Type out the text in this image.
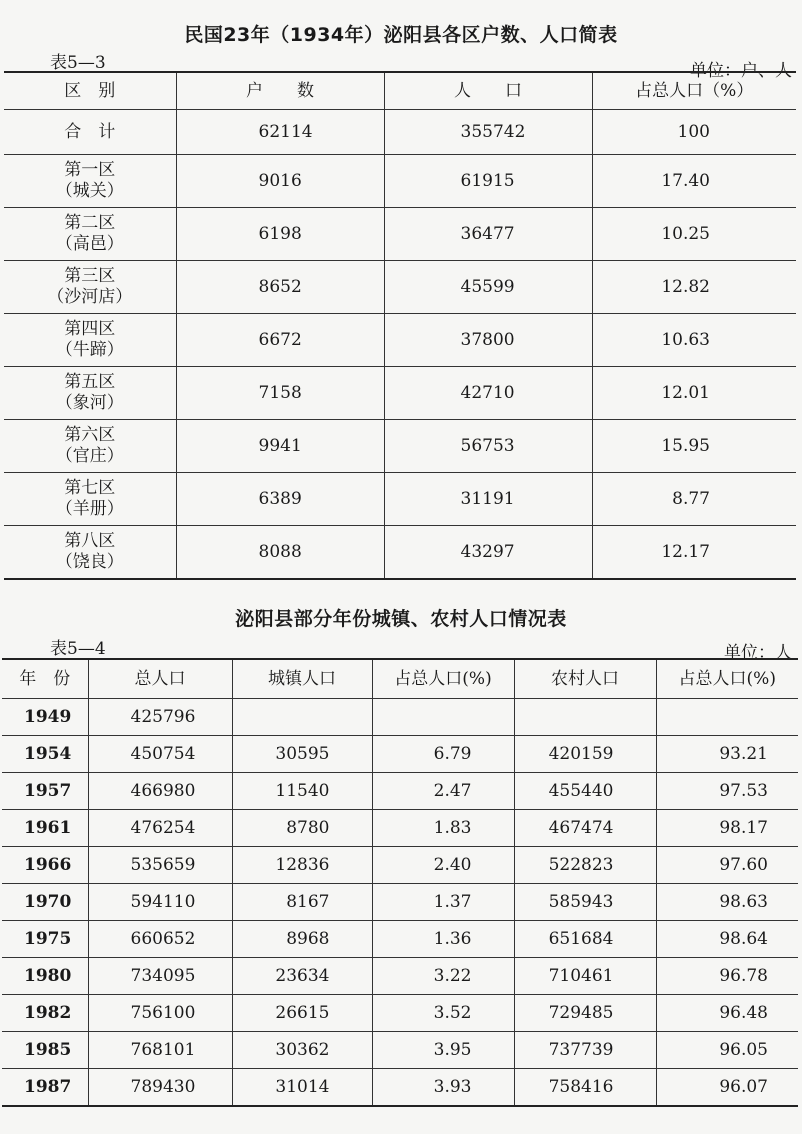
民国23年（1934年）泌阳县各区户数、人口简表
表5—3	单位：户、人
区　别	户　　数	人　　口	占总人口（%）
合　计	62114	355742	100

第一区
（城关）	9016	61915	17.40

第二区
（高邑）	6198	36477	10.25

第三区
（沙河店）	8652	45599	12.82

第四区
（牛蹄）	6672	37800	10.63

第五区
（象河）	7158	42710	12.01

第六区
（官庄）	9941	56753	15.95

第七区
（羊册）	6389	31191	8.77

第八区
（饶良）	8088	43297	12.17
泌阳县部分年份城镇、农村人口情况表
表5—4	单位：人
年　份	总人口	城镇人口	占总人口(%)	农村人口	占总人口(%)
1949	425796				
1954	450754	30595	6.79	420159	93.21
1957	466980	11540	2.47	455440	97.53
1961	476254	8780	1.83	467474	98.17
1966	535659	12836	2.40	522823	97.60
1970	594110	8167	1.37	585943	98.63
1975	660652	8968	1.36	651684	98.64
1980	734095	23634	3.22	710461	96.78
1982	756100	26615	3.52	729485	96.48
1985	768101	30362	3.95	737739	96.05
1987	789430	31014	3.93	758416	96.07
